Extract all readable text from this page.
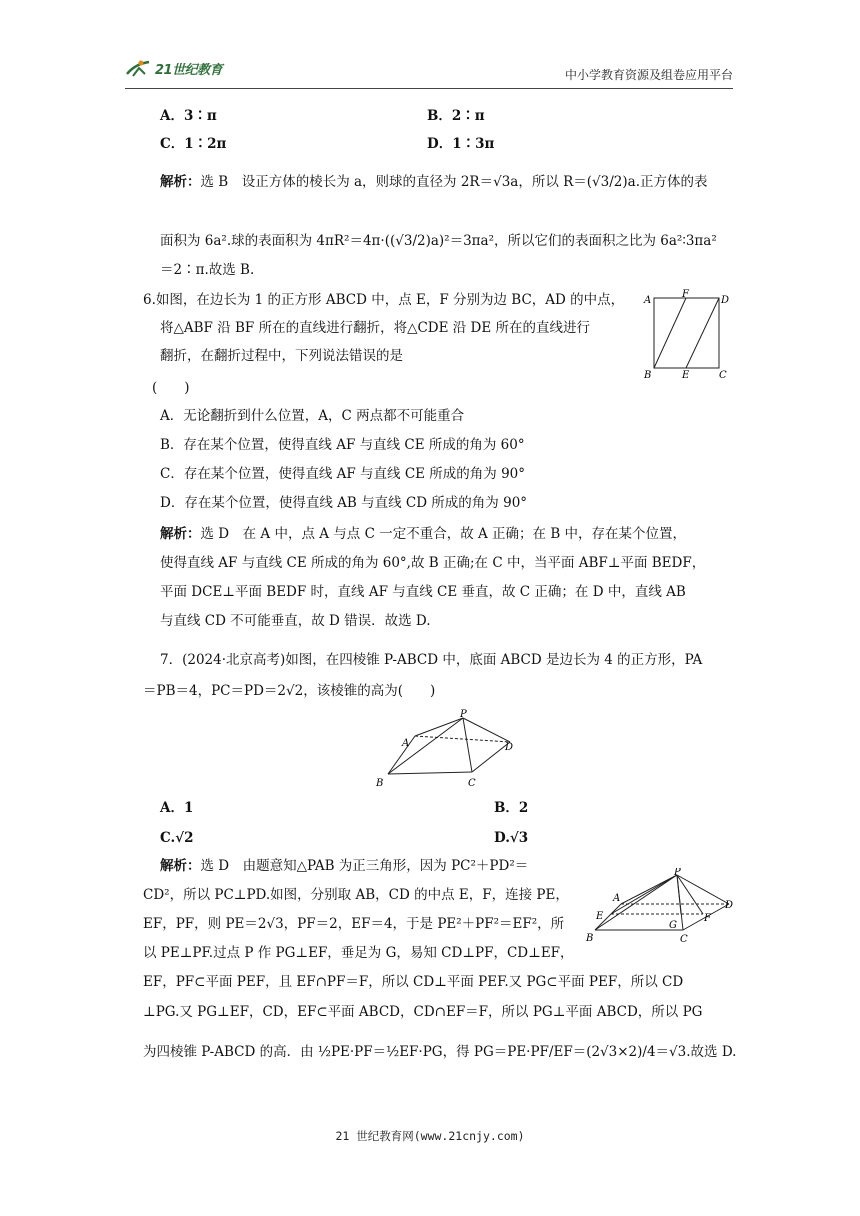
21世纪教育	中小学教育资源及组卷应用平台
A．3∶π	B．2∶π
C．1∶2π	D．1∶3π
解析：选 B　设正方体的棱长为 a，则球的直径为 2R＝√3a，所以 R＝(√3/2)a.正方体的表
面积为 6a².球的表面积为 4πR²＝4π·((√3/2)a)²＝3πa²，所以它们的表面积之比为 6a²∶3πa²
＝2∶π.故选 B.
6.如图，在边长为 1 的正方形 ABCD 中，点 E，F 分别为边 BC，AD 的中点，
将△ABF 沿 BF 所在的直线进行翻折，将△CDE 沿 DE 所在的直线进行
翻折，在翻折过程中，下列说法错误的是
(　　)
A
F
D
B	E	C
A．无论翻折到什么位置，A，C 两点都不可能重合
B．存在某个位置，使得直线 AF 与直线 CE 所成的角为 60°
C．存在某个位置，使得直线 AF 与直线 CE 所成的角为 90°
D．存在某个位置，使得直线 AB 与直线 CD 所成的角为 90°
解析：选 D　在 A 中，点 A 与点 C 一定不重合，故 A 正确；在 B 中，存在某个位置，
使得直线 AF 与直线 CE 所成的角为 60°,故 B 正确;在 C 中，当平面 ABF⊥平面 BEDF，
平面 DCE⊥平面 BEDF 时，直线 AF 与直线 CE 垂直，故 C 正确；在 D 中，直线 AB
与直线 CD 不可能垂直，故 D 错误．故选 D.
7．(2024·北京高考)如图，在四棱锥 P-ABCD 中，底面 ABCD 是边长为 4 的正方形，PA
＝PB＝4，PC＝PD＝2√2，该棱锥的高为(　　)
P
A	D
B	C
A．1	B．2
C.√2	D.√3
解析：选 D　由题意知△PAB 为正三角形，因为 PC²＋PD²＝
CD²，所以 PC⊥PD.如图，分别取 AB，CD 的中点 E，F，连接 PE，
EF，PF，则 PE＝2√3，PF＝2，EF＝4，于是 PE²＋PF²＝EF²，所
以 PE⊥PF.过点 P 作 PG⊥EF，垂足为 G，易知 CD⊥PF，CD⊥EF，
P
A
D
E
G
F
B	C
EF，PF⊂平面 PEF，且 EF∩PF＝F，所以 CD⊥平面 PEF.又 PG⊂平面 PEF，所以 CD
⊥PG.又 PG⊥EF，CD，EF⊂平面 ABCD，CD∩EF＝F，所以 PG⊥平面 ABCD，所以 PG
为四棱锥 P-ABCD 的高．由 ½PE·PF＝½EF·PG，得 PG＝PE·PF/EF＝(2√3×2)/4＝√3.故选 D.
21 世纪教育网(www.21cnjy.com)
